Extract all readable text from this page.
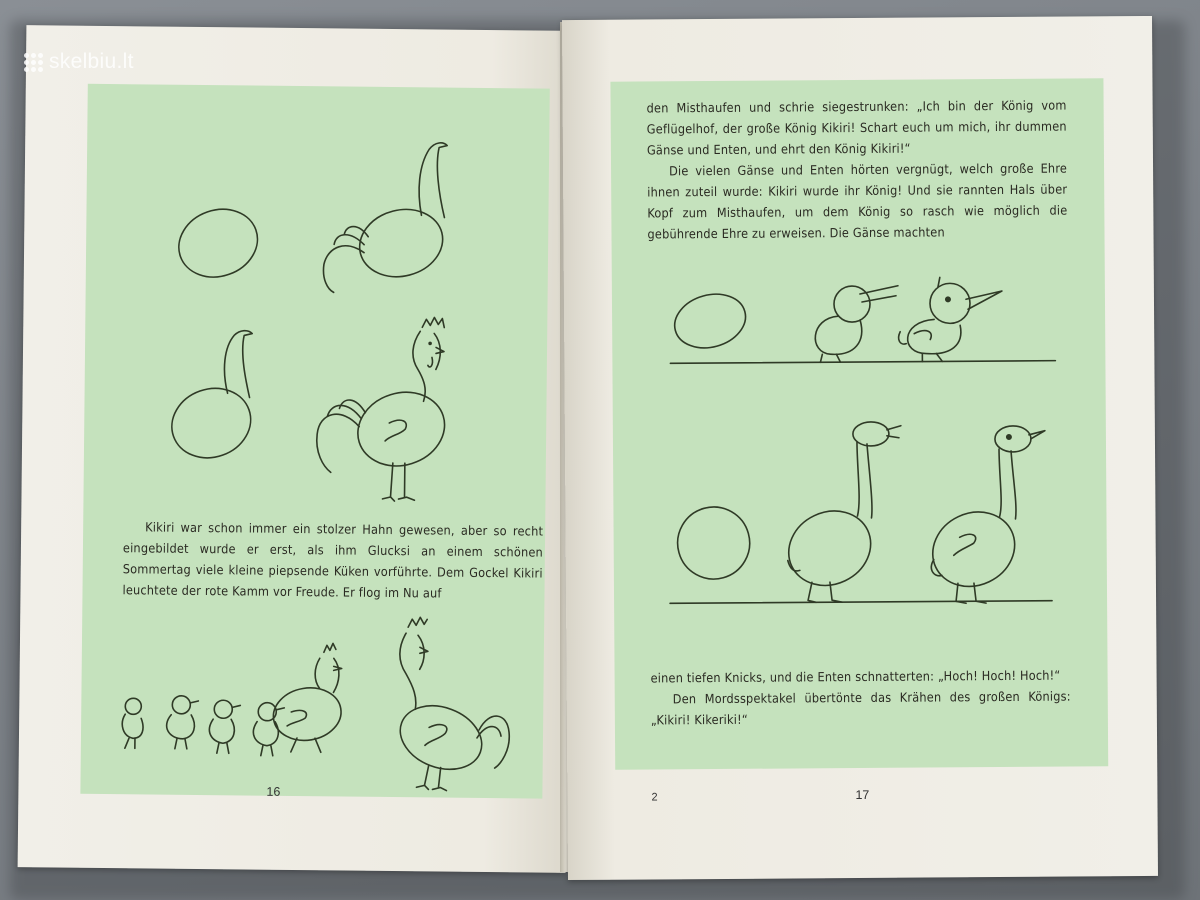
Kikiri war schon immer ein stolzer Hahn gewesen, aber so recht eingebildet wurde er erst, als ihm Glucksi an einem schönen Sommertag viele kleine piepsende Küken vorführte. Dem Gockel Kikiri leuchtete der rote Kamm vor Freude. Er flog im Nu auf

16

den Misthaufen und schrie siegestrunken: „Ich bin der König vom Geflügelhof, der große König Kikiri! Schart euch um mich, ihr dummen Gänse und Enten, und ehrt den König Kikiri!“

Die vielen Gänse und Enten hörten vergnügt, welch große Ehre ihnen zuteil wurde: Kikiri wurde ihr König! Und sie rannten Hals über Kopf zum Misthaufen, um dem König so rasch wie möglich die gebührende Ehre zu erweisen. Die Gänse machten

einen tiefen Knicks, und die Enten schnatterten: „Hoch! Hoch! Hoch!“

Den Mordsspektakel übertönte das Krähen des großen Königs: „Kikiri! Kikeriki!“

2	17
skelbiu.lt
